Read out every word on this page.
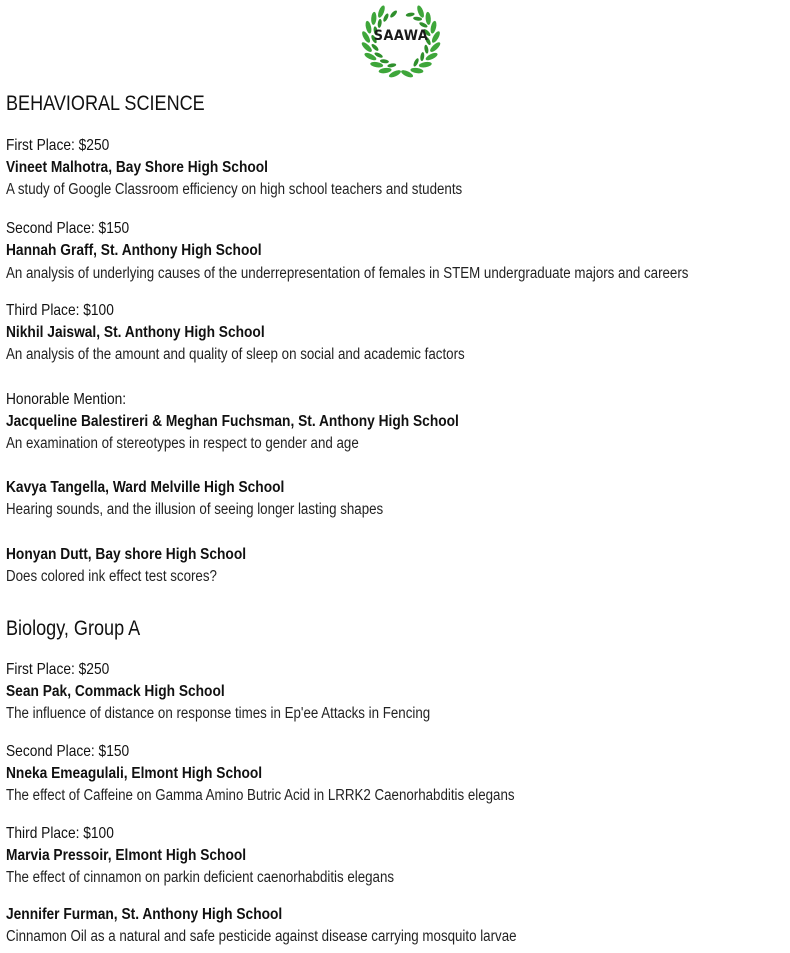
SAAWA
BEHAVIORAL SCIENCE
First Place: $250
Vineet Malhotra, Bay Shore High School
A study of Google Classroom efficiency on high school teachers and students
Second Place: $150
Hannah Graff, St. Anthony High School
An analysis of underlying causes of the underrepresentation of females in STEM undergraduate majors and careers
Third Place: $100
Nikhil Jaiswal, St. Anthony High School
An analysis of the amount and quality of sleep on social and academic factors
Honorable Mention:
Jacqueline Balestireri & Meghan Fuchsman, St. Anthony High School
An examination of stereotypes in respect to gender and age
Kavya Tangella, Ward Melville High School
Hearing sounds, and the illusion of seeing longer lasting shapes
Honyan Dutt, Bay shore High School
Does colored ink effect test scores?
Biology, Group A
First Place: $250
Sean Pak, Commack High School
The influence of distance on response times in Ep'ee Attacks in Fencing
Second Place: $150
Nneka Emeagulali, Elmont High School
The effect of Caffeine on Gamma Amino Butric Acid in LRRK2 Caenorhabditis elegans
Third Place: $100
Marvia Pressoir, Elmont High School
The effect of cinnamon on parkin deficient caenorhabditis elegans
Jennifer Furman, St. Anthony High School
Cinnamon Oil as a natural and safe pesticide against disease carrying mosquito larvae
